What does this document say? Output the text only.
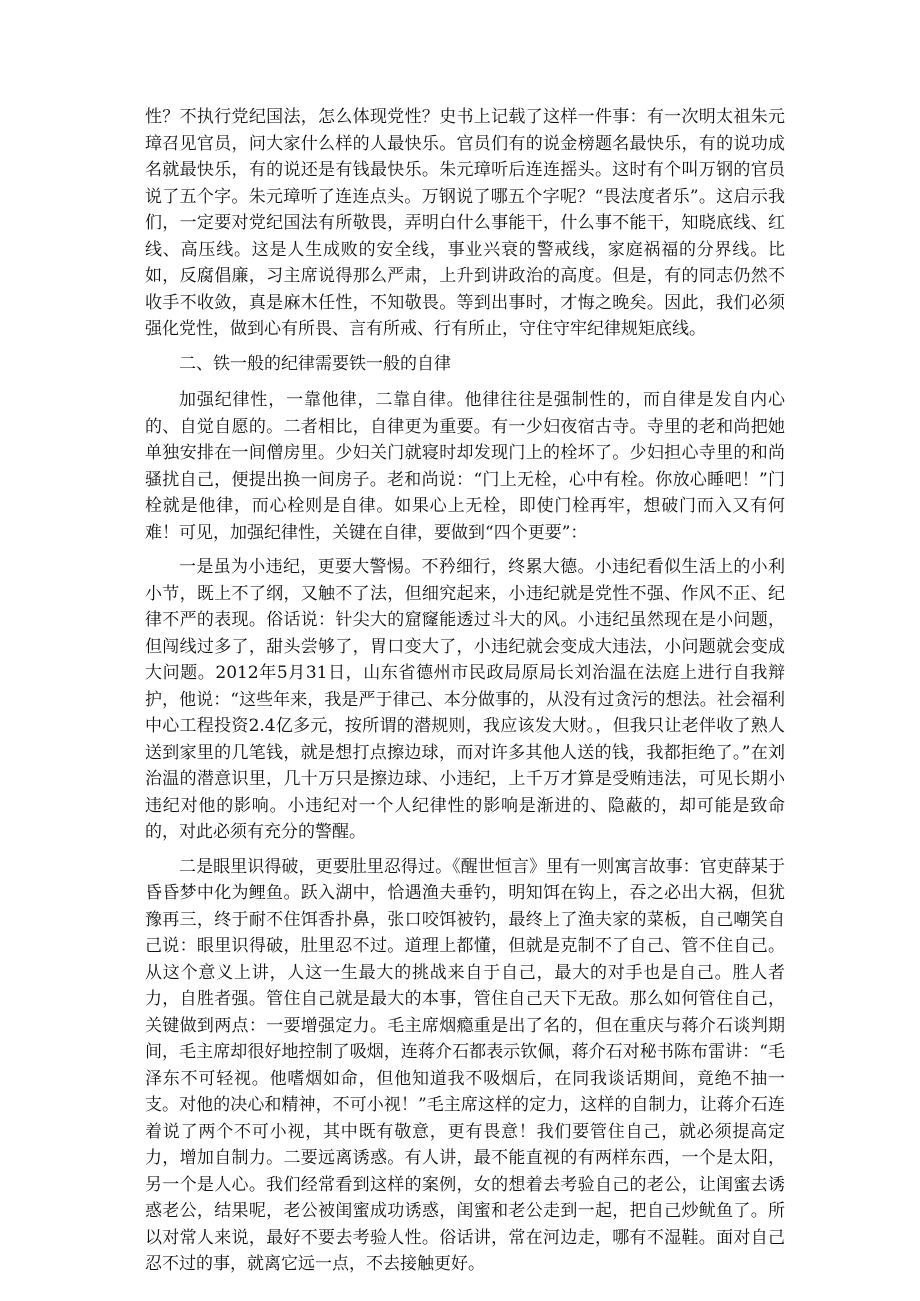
性？不执行党纪国法，怎么体现党性？史书上记载了这样一件事：有一次明太祖朱元璋召见官员，问大家什么样的人最快乐。官员们有的说金榜题名最快乐，有的说功成名就最快乐，有的说还是有钱最快乐。朱元璋听后连连摇头。这时有个叫万钢的官员说了五个字。朱元璋听了连连点头。万钢说了哪五个字呢？“畏法度者乐”。这启示我们，一定要对党纪国法有所敬畏，弄明白什么事能干，什么事不能干，知晓底线、红线、高压线。这是人生成败的安全线，事业兴衰的警戒线，家庭祸福的分界线。比如，反腐倡廉，习主席说得那么严肃，上升到讲政治的高度。但是，有的同志仍然不收手不收敛，真是麻木任性，不知敬畏。等到出事时，才悔之晚矣。因此，我们必须强化党性，做到心有所畏、言有所戒、行有所止，守住守牢纪律规矩底线。

二、铁一般的纪律需要铁一般的自律

加强纪律性，一靠他律，二靠自律。他律往往是强制性的，而自律是发自内心的、自觉自愿的。二者相比，自律更为重要。有一少妇夜宿古寺。寺里的老和尚把她单独安排在一间僧房里。少妇关门就寝时却发现门上的栓坏了。少妇担心寺里的和尚骚扰自己，便提出换一间房子。老和尚说：“门上无栓，心中有栓。你放心睡吧！”门栓就是他律，而心栓则是自律。如果心上无栓，即使门栓再牢，想破门而入又有何难！可见，加强纪律性，关键在自律，要做到“四个更要”：

一是虽为小违纪，更要大警惕。不矜细行，终累大德。小违纪看似生活上的小利小节，既上不了纲，又触不了法，但细究起来，小违纪就是党性不强、作风不正、纪律不严的表现。俗话说：针尖大的窟窿能透过斗大的风。小违纪虽然现在是小问题，但闯线过多了，甜头尝够了，胃口变大了，小违纪就会变成大违法，小问题就会变成大问题。2012年5月31日，山东省德州市民政局原局长刘治温在法庭上进行自我辩护，他说：“这些年来，我是严于律己、本分做事的，从没有过贪污的想法。社会福利中心工程投资2.4亿多元，按所谓的潜规则，我应该发大财。，但我只让老伴收了熟人送到家里的几笔钱，就是想打点擦边球，而对许多其他人送的钱，我都拒绝了。”在刘治温的潜意识里，几十万只是擦边球、小违纪，上千万才算是受贿违法，可见长期小违纪对他的影响。小违纪对一个人纪律性的影响是渐进的、隐蔽的，却可能是致命的，对此必须有充分的警醒。

二是眼里识得破，更要肚里忍得过。《醒世恒言》里有一则寓言故事：官吏薛某于昏昏梦中化为鲤鱼。跃入湖中，恰遇渔夫垂钓，明知饵在钩上，吞之必出大祸，但犹豫再三，终于耐不住饵香扑鼻，张口咬饵被钓，最终上了渔夫家的菜板，自己嘲笑自己说：眼里识得破，肚里忍不过。道理上都懂，但就是克制不了自己、管不住自己。从这个意义上讲，人这一生最大的挑战来自于自己，最大的对手也是自己。胜人者力，自胜者强。管住自己就是最大的本事，管住自己天下无敌。那么如何管住自己，关键做到两点：一要增强定力。毛主席烟瘾重是出了名的，但在重庆与蒋介石谈判期间，毛主席却很好地控制了吸烟，连蒋介石都表示钦佩，蒋介石对秘书陈布雷讲：“毛泽东不可轻视。他嗜烟如命，但他知道我不吸烟后，在同我谈话期间，竟绝不抽一支。对他的决心和精神，不可小视！”毛主席这样的定力，这样的自制力，让蒋介石连着说了两个不可小视，其中既有敬意，更有畏意！我们要管住自己，就必须提高定力，增加自制力。二要远离诱惑。有人讲，最不能直视的有两样东西，一个是太阳，另一个是人心。我们经常看到这样的案例，女的想着去考验自己的老公，让闺蜜去诱惑老公，结果呢，老公被闺蜜成功诱惑，闺蜜和老公走到一起，把自己炒鱿鱼了。所以对常人来说，最好不要去考验人性。俗话讲，常在河边走，哪有不湿鞋。面对自己忍不过的事，就离它远一点，不去接触更好。
